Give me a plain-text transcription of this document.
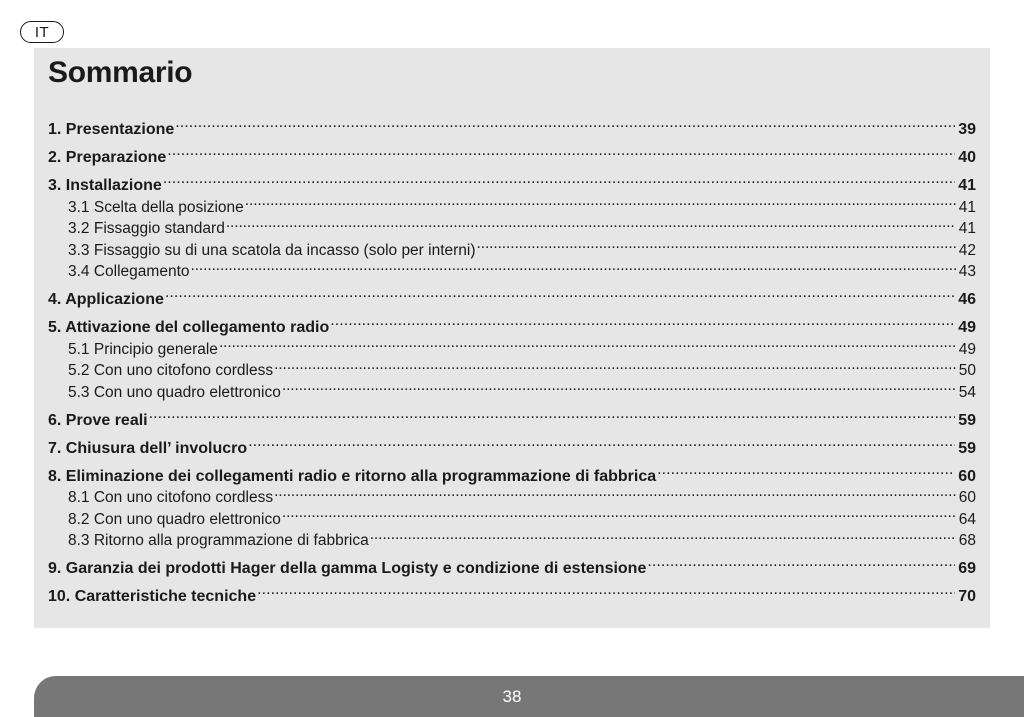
IT
Sommario
1. Presentazione . . .	39
2. Preparazione . . .	40
3. Installazione . . .	41
3.1 Scelta della posizione . . .	41
3.2 Fissaggio standard . . .	41
3.3 Fissaggio su di una scatola da incasso (solo per interni) . . .	42
3.4 Collegamento . . .	43
4. Applicazione . . .	46
5. Attivazione del collegamento radio . . .	49
5.1 Principio generale . . .	49
5.2 Con uno citofono cordless . . .	50
5.3 Con uno quadro elettronico . . .	54
6. Prove reali . . .	59
7. Chiusura dell’ involucro . . .	59
8. Eliminazione dei collegamenti radio e ritorno alla programmazione di fabbrica . . .	60
8.1 Con uno citofono cordless . . .	60
8.2 Con uno quadro elettronico . . .	64
8.3 Ritorno alla programmazione di fabbrica . . .	68
9. Garanzia dei prodotti Hager della gamma Logisty e condizione di estensione . . .	69
10. Caratteristiche tecniche . . .	70
38
